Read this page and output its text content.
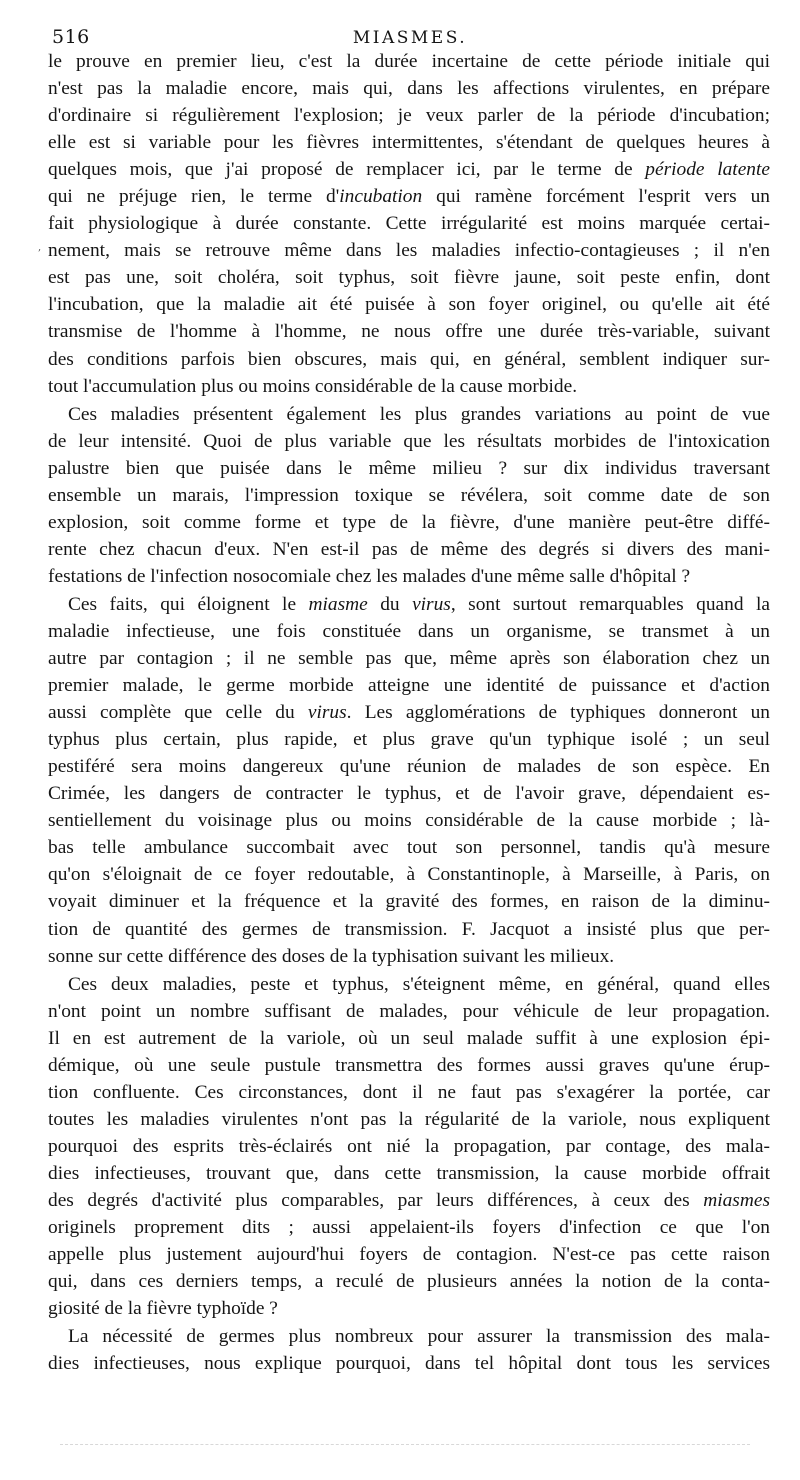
516	MIASMES.
le prouve en premier lieu, c'est la durée incertaine de cette période initiale qui
n'est pas la maladie encore, mais qui, dans les affections virulentes, en prépare
d'ordinaire si régulièrement l'explosion; je veux parler de la période d'incubation;
elle est si variable pour les fièvres intermittentes, s'étendant de quelques heures à
quelques mois, que j'ai proposé de remplacer ici, par le terme de période latente
qui ne préjuge rien, le terme d'incubation qui ramène forcément l'esprit vers un
fait physiologique à durée constante. Cette irrégularité est moins marquée certai-
nement, mais se retrouve même dans les maladies infectio-contagieuses ; il n'en
est pas une, soit choléra, soit typhus, soit fièvre jaune, soit peste enfin, dont
l'incubation, que la maladie ait été puisée à son foyer originel, ou qu'elle ait été
transmise de l'homme à l'homme, ne nous offre une durée très-variable, suivant
des conditions parfois bien obscures, mais qui, en général, semblent indiquer sur-
tout l'accumulation plus ou moins considérable de la cause morbide.
Ces maladies présentent également les plus grandes variations au point de vue
de leur intensité. Quoi de plus variable que les résultats morbides de l'intoxication
palustre bien que puisée dans le même milieu ? sur dix individus traversant
ensemble un marais, l'impression toxique se révélera, soit comme date de son
explosion, soit comme forme et type de la fièvre, d'une manière peut-être diffé-
rente chez chacun d'eux. N'en est-il pas de même des degrés si divers des mani-
festations de l'infection nosocomiale chez les malades d'une même salle d'hôpital ?
Ces faits, qui éloignent le miasme du virus, sont surtout remarquables quand la
maladie infectieuse, une fois constituée dans un organisme, se transmet à un
autre par contagion ; il ne semble pas que, même après son élaboration chez un
premier malade, le germe morbide atteigne une identité de puissance et d'action
aussi complète que celle du virus. Les agglomérations de typhiques donneront un
typhus plus certain, plus rapide, et plus grave qu'un typhique isolé ; un seul
pestiféré sera moins dangereux qu'une réunion de malades de son espèce. En
Crimée, les dangers de contracter le typhus, et de l'avoir grave, dépendaient es-
sentiellement du voisinage plus ou moins considérable de la cause morbide ; là-
bas telle ambulance succombait avec tout son personnel, tandis qu'à mesure
qu'on s'éloignait de ce foyer redoutable, à Constantinople, à Marseille, à Paris, on
voyait diminuer et la fréquence et la gravité des formes, en raison de la diminu-
tion de quantité des germes de transmission. F. Jacquot a insisté plus que per-
sonne sur cette différence des doses de la typhisation suivant les milieux.
Ces deux maladies, peste et typhus, s'éteignent même, en général, quand elles
n'ont point un nombre suffisant de malades, pour véhicule de leur propagation.
Il en est autrement de la variole, où un seul malade suffit à une explosion épi-
démique, où une seule pustule transmettra des formes aussi graves qu'une érup-
tion confluente. Ces circonstances, dont il ne faut pas s'exagérer la portée, car
toutes les maladies virulentes n'ont pas la régularité de la variole, nous expliquent
pourquoi des esprits très-éclairés ont nié la propagation, par contage, des mala-
dies infectieuses, trouvant que, dans cette transmission, la cause morbide offrait
des degrés d'activité plus comparables, par leurs différences, à ceux des miasmes
originels proprement dits ; aussi appelaient-ils foyers d'infection ce que l'on
appelle plus justement aujourd'hui foyers de contagion. N'est-ce pas cette raison
qui, dans ces derniers temps, a reculé de plusieurs années la notion de la conta-
giosité de la fièvre typhoïde ?
La nécessité de germes plus nombreux pour assurer la transmission des mala-
dies infectieuses, nous explique pourquoi, dans tel hôpital dont tous les services
,
